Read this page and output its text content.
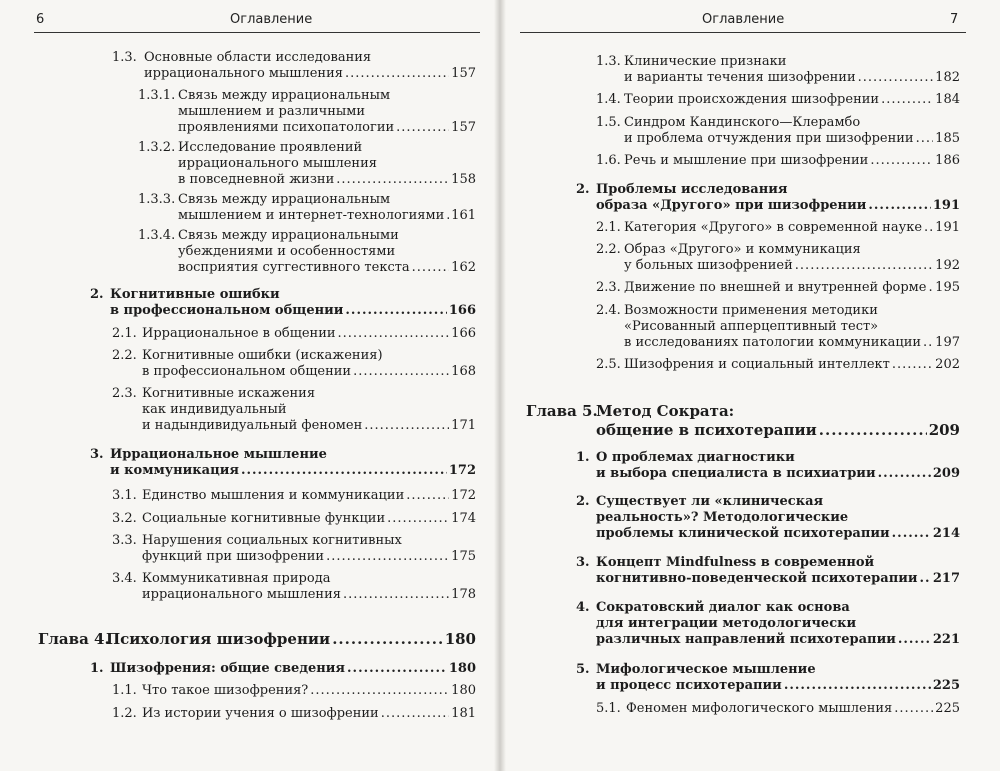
6	Оглавление	Оглавление	7
1.3. Основные области исследования
иррационального мышления .....	157
1.3.1. Связь между иррациональным
мышлением и различными
проявлениями психопатологии .....	157
1.3.2. Исследование проявлений
иррационального мышления
в повседневной жизни .....	158
1.3.3. Связь между иррациональным
мышлением и интернет-технологиями ..... 161
1.3.4. Связь между иррациональными
убеждениями и особенностями
восприятия суггестивного текста .....	162
2. Когнитивные ошибки
в профессиональном общении .....	166
2.1. Иррациональное в общении .....	166
2.2. Когнитивные ошибки (искажения)
в профессиональном общении .....	168
2.3. Когнитивные искажения
как индивидуальный
и надындивидуальный феномен .....	171
3. Иррациональное мышление
и коммуникация .....	172
3.1. Единство мышления и коммуникации .....	172
3.2. Социальные когнитивные функции .....	174
3.3. Нарушения социальных когнитивных
функций при шизофрении .....	175
3.4. Коммуникативная природа
иррационального мышления .....	178
Глава 4.
Психология шизофрении .....	180
1. Шизофрения: общие сведения .....	180
1.1. Что такое шизофрения? .....	180
1.2. Из истории учения о шизофрении .....	181
1.3. Клинические признаки
и варианты течения шизофрении .....	182
1.4. Теории происхождения шизофрении .....	184
1.5. Синдром Кандинского—Клерамбо
и проблема отчуждения при шизофрении ..... 185
1.6. Речь и мышление при шизофрении .....	186
2. Проблемы исследования
образа «Другого» при шизофрении .....	191
2.1. Категория «Другого» в современной науке ..... 191
2.2. Образ «Другого» и коммуникация
у больных шизофренией .....	192
2.3. Движение по внешней и внутренней форме ..... 195
2.4. Возможности применения методики
«Рисованный апперцептивный тест»
в исследованиях патологии коммуникации ..... 197
2.5. Шизофрения и социальный интеллект .....	202
Глава 5.
Метод Сократа:
общение в психотерапии .....	209
1. О проблемах диагностики
и выбора специалиста в психиатрии .....	209
2. Существует ли «клиническая
реальность»? Методологические
проблемы клинической психотерапии .....	214
3. Концепт Mindfulness в современной
когнитивно-поведенческой психотерапии ..... 217
4. Сократовский диалог как основа
для интеграции методологически
различных направлений психотерапии .....	221
5. Мифологическое мышление
и процесс психотерапии .....	225
5.1. Феномен мифологического мышления .....	225
